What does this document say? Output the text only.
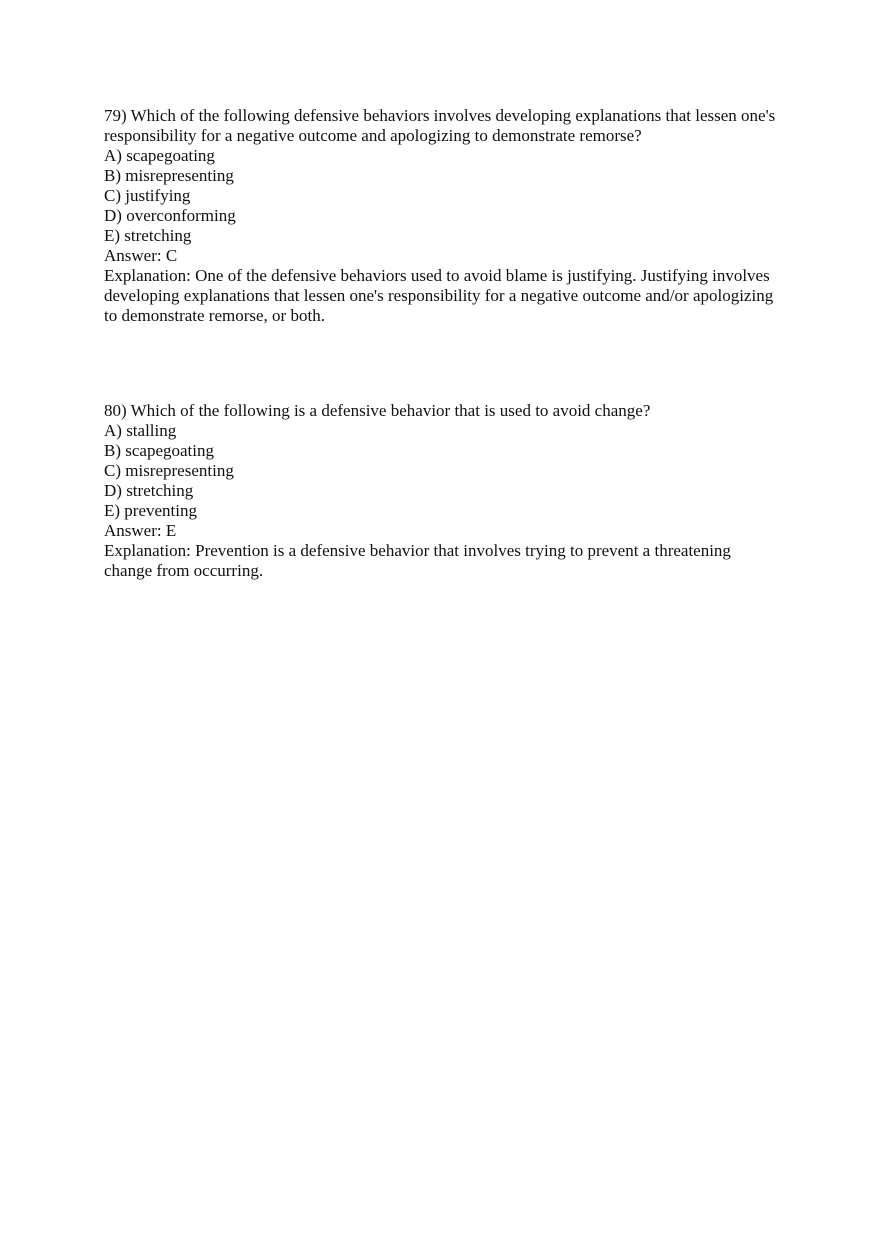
79) Which of the following defensive behaviors involves developing explanations that lessen one's responsibility for a negative outcome and apologizing to demonstrate remorse?
A) scapegoating
B) misrepresenting
C) justifying
D) overconforming
E) stretching
Answer: C
Explanation: One of the defensive behaviors used to avoid blame is justifying. Justifying involves developing explanations that lessen one's responsibility for a negative outcome and/or apologizing to demonstrate remorse, or both.
80) Which of the following is a defensive behavior that is used to avoid change?
A) stalling
B) scapegoating
C) misrepresenting
D) stretching
E) preventing
Answer: E
Explanation: Prevention is a defensive behavior that involves trying to prevent a threatening change from occurring.
